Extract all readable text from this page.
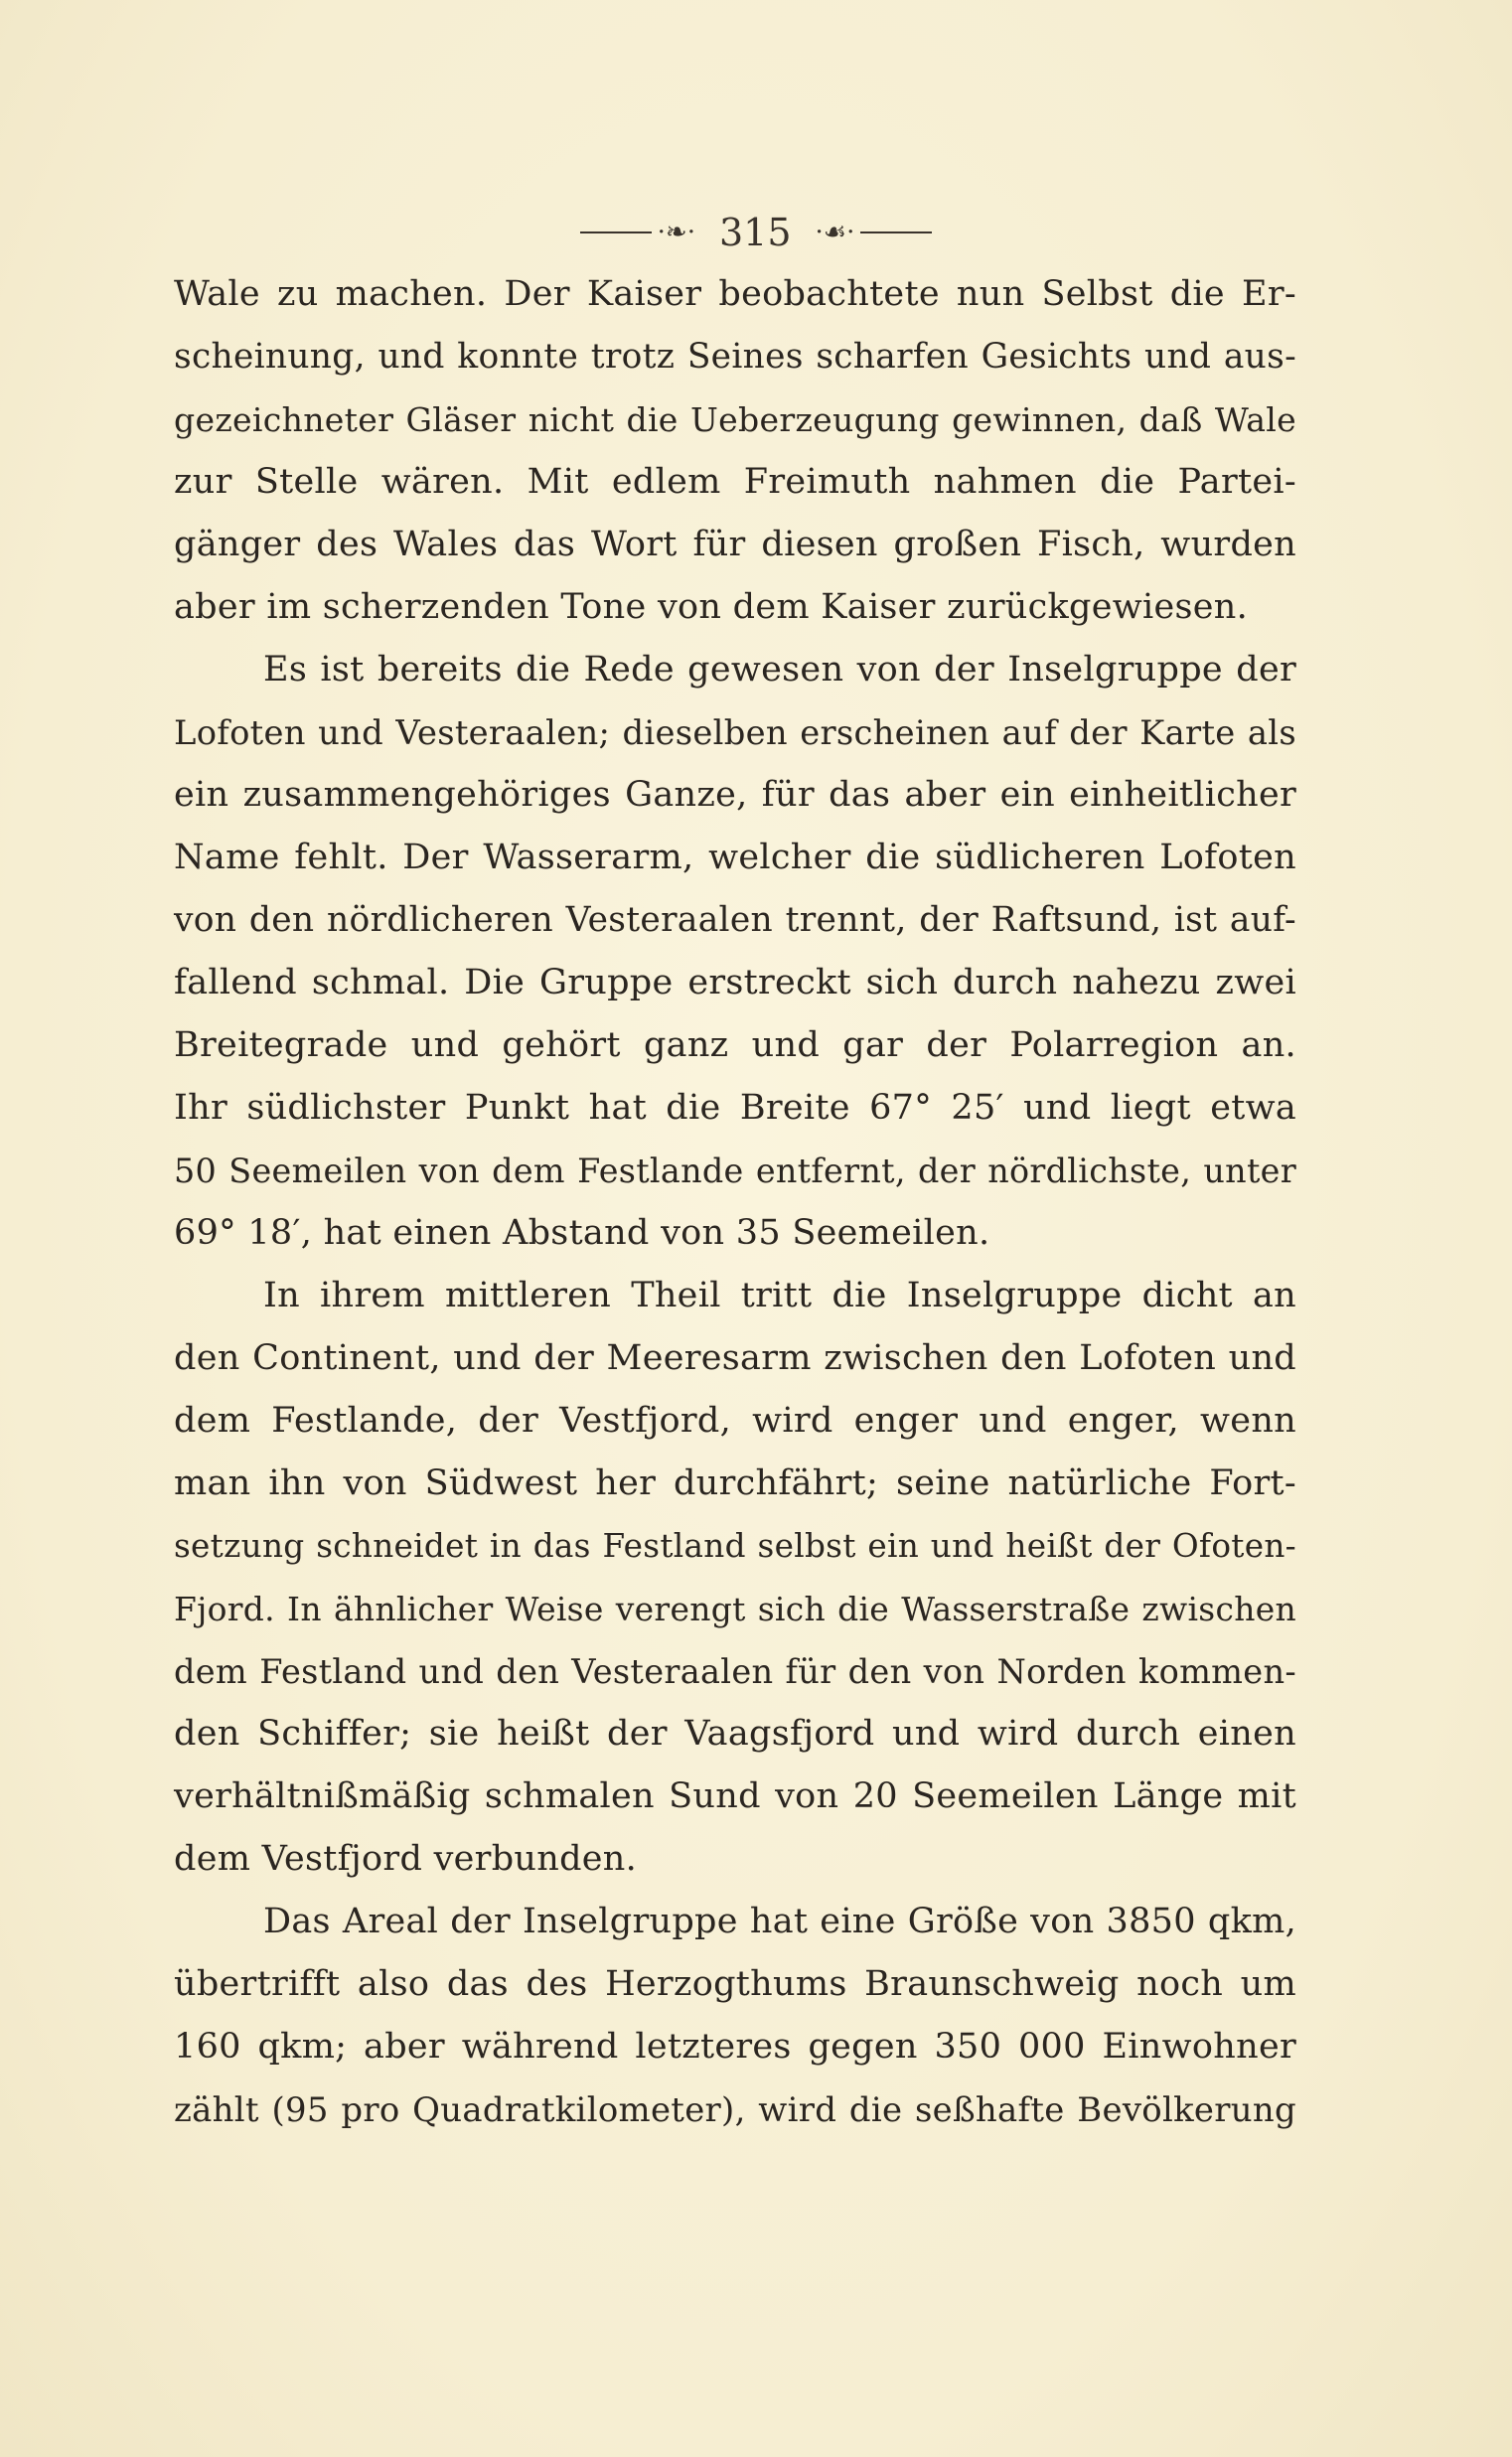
·❧· 315 ·☙·
Wale zu machen. Der Kaiser beobachtete nun Selbst die Er-
scheinung, und konnte trotz Seines scharfen Gesichts und aus-
gezeichneter Gläser nicht die Ueberzeugung gewinnen, daß Wale
zur Stelle wären. Mit edlem Freimuth nahmen die Partei-
gänger des Wales das Wort für diesen großen Fisch, wurden
aber im scherzenden Tone von dem Kaiser zurückgewiesen.
Es ist bereits die Rede gewesen von der Inselgruppe der
Lofoten und Vesteraalen; dieselben erscheinen auf der Karte als
ein zusammengehöriges Ganze, für das aber ein einheitlicher
Name fehlt. Der Wasserarm, welcher die südlicheren Lofoten
von den nördlicheren Vesteraalen trennt, der Raftsund, ist auf-
fallend schmal. Die Gruppe erstreckt sich durch nahezu zwei
Breitegrade und gehört ganz und gar der Polarregion an.
Ihr südlichster Punkt hat die Breite 67° 25′ und liegt etwa
50 Seemeilen von dem Festlande entfernt, der nördlichste, unter
69° 18′, hat einen Abstand von 35 Seemeilen.
In ihrem mittleren Theil tritt die Inselgruppe dicht an
den Continent, und der Meeresarm zwischen den Lofoten und
dem Festlande, der Vestfjord, wird enger und enger, wenn
man ihn von Südwest her durchfährt; seine natürliche Fort-
setzung schneidet in das Festland selbst ein und heißt der Ofoten-
Fjord. In ähnlicher Weise verengt sich die Wasserstraße zwischen
dem Festland und den Vesteraalen für den von Norden kommen-
den Schiffer; sie heißt der Vaagsfjord und wird durch einen
verhältnißmäßig schmalen Sund von 20 Seemeilen Länge mit
dem Vestfjord verbunden.
Das Areal der Inselgruppe hat eine Größe von 3850 qkm,
übertrifft also das des Herzogthums Braunschweig noch um
160 qkm; aber während letzteres gegen 350 000 Einwohner
zählt (95 pro Quadratkilometer), wird die seßhafte Bevölkerung
